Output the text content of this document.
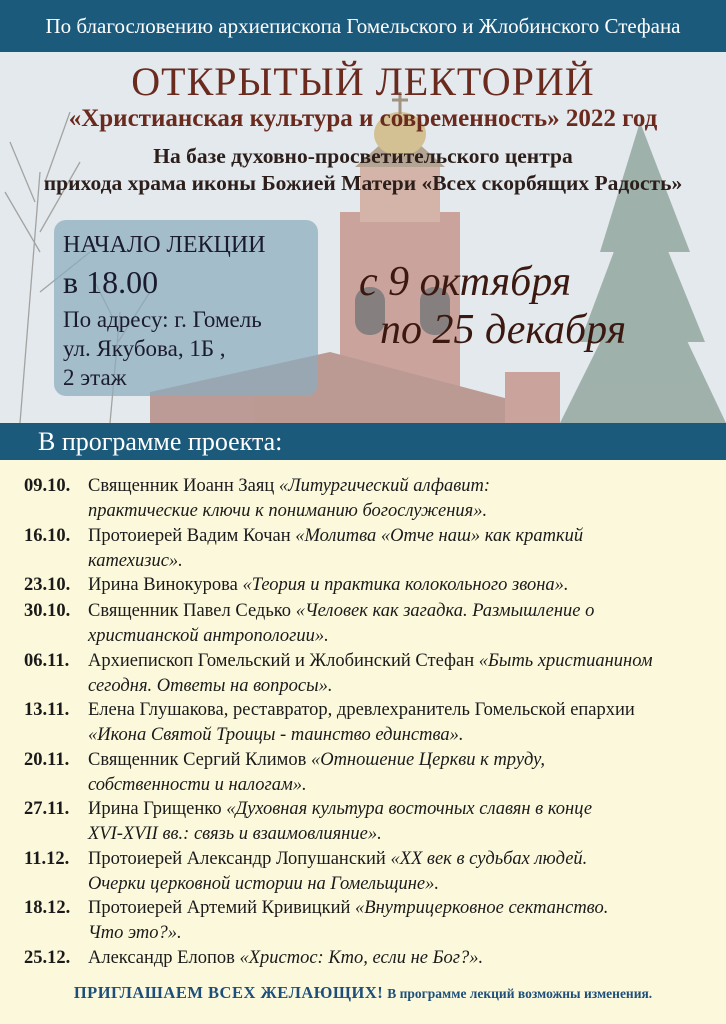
По благословению архиепископа Гомельского и Жлобинского Стефана
ОТКРЫТЫЙ ЛЕКТОРИЙ
«Христианская культура и современность» 2022 год
На базе духовно-просветительского центра
прихода храма иконы Божией Матери «Всех скорбящих Радость»
НАЧАЛО ЛЕКЦИИ
в 18.00
По адресу: г. Гомель
ул. Якубова, 1Б ,
2 этаж
с 9 октября
по 25 декабря
В программе проекта:
09.10. Священник Иоанн Заяц «Литургический алфавит:
практические ключи к пониманию богослужения».
16.10. Протоиерей Вадим Кочан «Молитва «Отче наш» как краткий
катехизис».
23.10. Ирина Винокурова «Теория и практика колокольного звона».
30.10. Священник Павел Седько «Человек как загадка. Размышление о
христианской антропологии».
06.11. Архиепископ Гомельский и Жлобинский Стефан «Быть христианином
сегодня. Ответы на вопросы».
13.11. Елена Глушакова, реставратор, древлехранитель Гомельской епархии
«Икона Святой Троицы - таинство единства».
20.11. Священник Сергий Климов «Отношение Церкви к труду,
собственности и налогам».
27.11. Ирина Грищенко «Духовная культура восточных славян в конце
XVI-XVII вв.: связь и взаимовлияние».
11.12. Протоиерей Александр Лопушанский «XX век в судьбах людей.
Очерки церковной истории на Гомельщине».
18.12. Протоиерей Артемий Кривицкий «Внутрицерковное сектанство.
Что это?».
25.12. Александр Елопов «Христос: Кто, если не Бог?».
ПРИГЛАШАЕМ ВСЕХ ЖЕЛАЮЩИХ! В программе лекций возможны изменения.
